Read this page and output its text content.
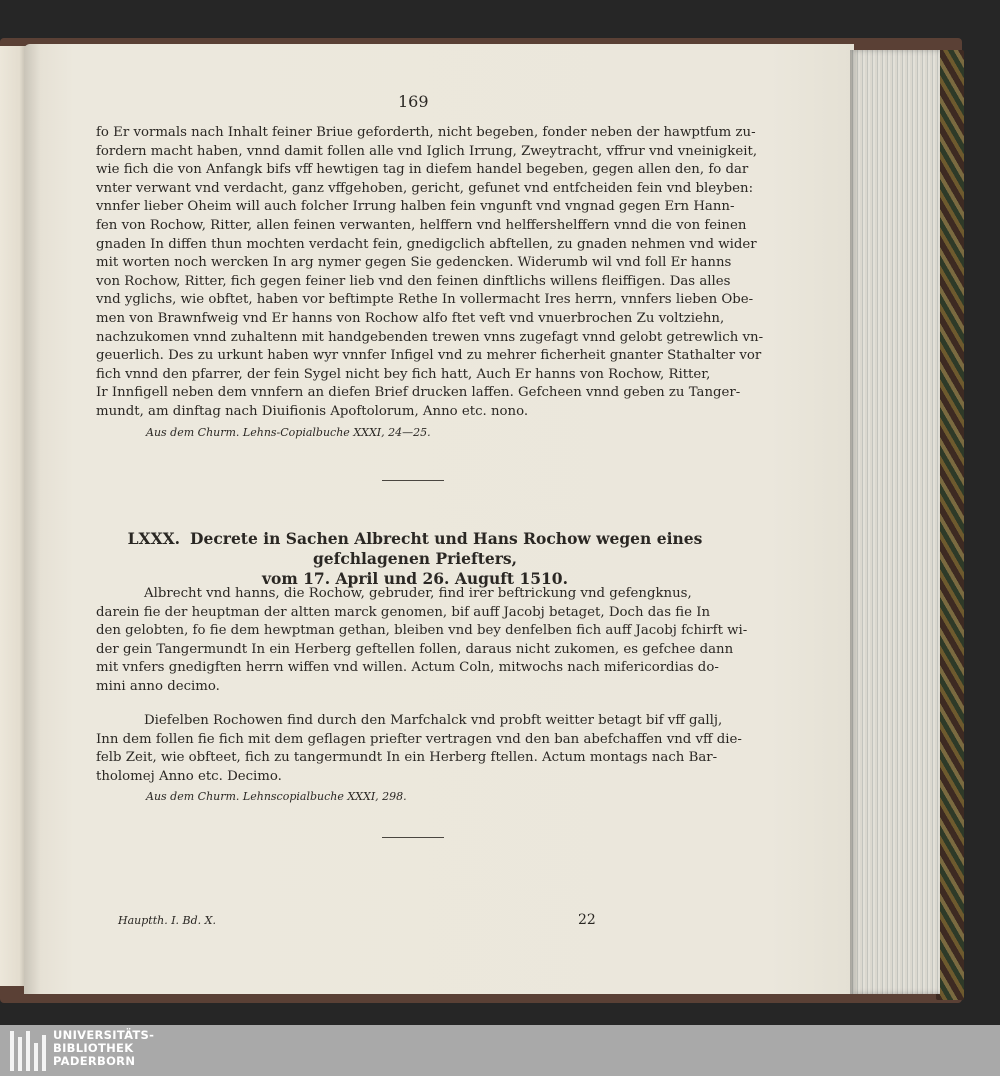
169
fo Er vormals nach Inhalt feiner Briue geforderth, nicht begeben, fonder neben der hawptfum zu-
fordern macht haben, vnnd damit follen alle vnd Iglich Irrung, Zweytracht, vffrur vnd vneinigkeit,
wie fich die von Anfangk bifs vff hewtigen tag in diefem handel begeben, gegen allen den, fo dar
vnter verwant vnd verdacht, ganz vffgehoben, gericht, gefunet vnd entfcheiden fein vnd bleyben:
vnnfer lieber Oheim will auch folcher Irrung halben fein vngunft vnd vngnad gegen Ern Hann-
fen von Rochow, Ritter, allen feinen verwanten, helffern vnd helffershelffern vnnd die von feinen
gnaden In diffen thun mochten verdacht fein, gnedigclich abftellen, zu gnaden nehmen vnd wider
mit worten noch wercken In arg nymer gegen Sie gedencken. Widerumb wil vnd foll Er hanns
von Rochow, Ritter, fich gegen feiner lieb vnd den feinen dinftlichs willens fleiffigen. Das alles
vnd yglichs, wie obftet, haben vor beftimpte Rethe In vollermacht Ires herrn, vnnfers lieben Obe-
men von Brawnfweig vnd Er hanns von Rochow alfo ftet veft vnd vnuerbrochen Zu voltziehn,
nachzukomen vnnd zuhaltenn mit handgebenden trewen vnns zugefagt vnnd gelobt getrewlich vn-
geuerlich. Des zu urkunt haben wyr vnnfer Infigel vnd zu mehrer ficherheit gnanter Stathalter vor
fich vnnd den pfarrer, der fein Sygel nicht bey fich hatt, Auch Er hanns von Rochow, Ritter,
Ir Innfigell neben dem vnnfern an diefen Brief drucken laffen. Gefcheen vnnd geben zu Tanger-
mundt, am dinftag nach Diuifionis Apoftolorum, Anno etc. nono.
Aus dem Churm. Lehns-Copialbuche XXXI, 24—25.
LXXX. Decrete in Sachen Albrecht und Hans Rochow wegen eines gefchlagenen Priefters,
vom 17. April und 26. Auguft 1510.
Albrecht vnd hanns, die Rochow, gebruder, find irer beftrickung vnd gefengknus,
darein fie der heuptman der altten marck genomen, bif auff Jacobj betaget, Doch das fie In
den gelobten, fo fie dem hewptman gethan, bleiben vnd bey denfelben fich auff Jacobj fchirft wi-
der gein Tangermundt In ein Herberg geftellen follen, daraus nicht zukomen, es gefchee dann
mit vnfers gnedigften herrn wiffen vnd willen. Actum Coln, mitwochs nach mifericordias do-
mini anno decimo.
Diefelben Rochowen find durch den Marfchalck vnd probft weitter betagt bif vff gallj,
Inn dem follen fie fich mit dem geflagen priefter vertragen vnd den ban abefchaffen vnd vff die-
felb Zeit, wie obfteet, fich zu tangermundt In ein Herberg ftellen. Actum montags nach Bar-
tholomej Anno etc. Decimo.
Aus dem Churm. Lehnscopialbuche XXXI, 298.
Hauptth. I. Bd. X.	22
UNIVERSITÄTS-
BIBLIOTHEK
PADERBORN
